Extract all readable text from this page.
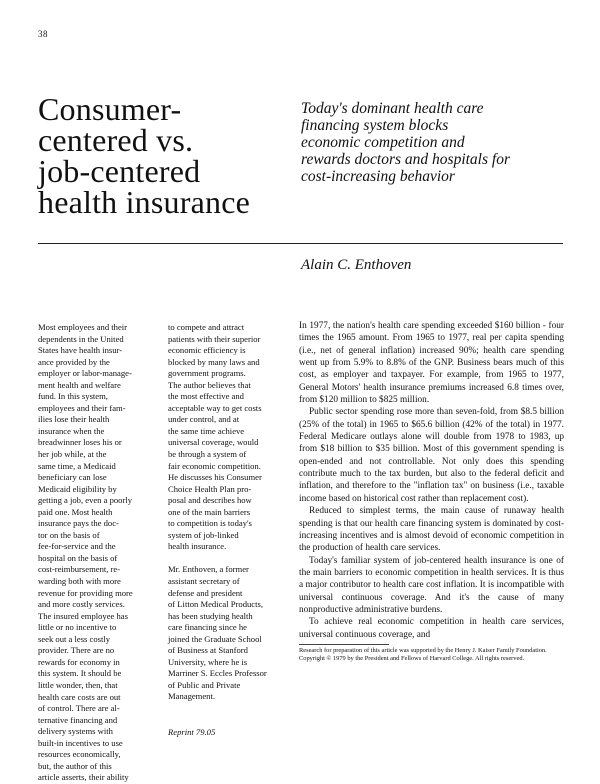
38
Consumer-
centered vs.
job-centered
health insurance
Today's dominant health care
financing system blocks
economic competition and
rewards doctors and hospitals for
cost-increasing behavior
Alain C. Enthoven
Most employees and their
dependents in the United
States have health insur-
ance provided by the
employer or labor-manage-
ment health and welfare
fund. In this system,
employees and their fam-
ilies lose their health
insurance when the
breadwinner loses his or
her job while, at the
same time, a Medicaid
beneficiary can lose
Medicaid eligibility by
getting a job, even a poorly
paid one. Most health
insurance pays the doc-
tor on the basis of
fee-for-service and the
hospital on the basis of
cost-reimbursement, re-
warding both with more
revenue for providing more
and more costly services.
The insured employee has
little or no incentive to
seek out a less costly
provider. There are no
rewards for economy in
this system. It should be
little wonder, then, that
health care costs are out
of control. There are al-
ternative financing and
delivery systems with
built-in incentives to use
resources economically,
but, the author of this
article asserts, their ability
to compete and attract
patients with their superior
economic efficiency is
blocked by many laws and
government programs.
The author believes that
the most effective and
acceptable way to get costs
under control, and at
the same time achieve
universal coverage, would
be through a system of
fair economic competition.
He discusses his Consumer
Choice Health Plan pro-
posal and describes how
one of the main barriers
to competition is today's
system of job-linked
health insurance.
Mr. Enthoven, a former
assistant secretary of
defense and president
of Litton Medical Products,
has been studying health
care financing since he
joined the Graduate School
of Business at Stanford
University, where he is
Marriner S. Eccles Professor
of Public and Private
Management.
Reprint 79.05

In 1977, the nation's health care spending exceeded $160 billion - four times the 1965 amount. From 1965 to 1977, real per capita spending (i.e., net of general inflation) increased 90%; health care spending went up from 5.9% to 8.8% of the GNP. Business bears much of this cost, as employer and taxpayer. For example, from 1965 to 1977, General Motors' health insurance premiums increased 6.8 times over, from $120 million to $825 million.

Public sector spending rose more than seven-fold, from $8.5 billion (25% of the total) in 1965 to $65.6 billion (42% of the total) in 1977. Federal Medicare outlays alone will double from 1978 to 1983, up from $18 billion to $35 billion. Most of this government spending is open-ended and not controllable. Not only does this spending contribute much to the tax burden, but also to the federal deficit and inflation, and therefore to the "inflation tax" on business (i.e., taxable income based on historical cost rather than replacement cost).

Reduced to simplest terms, the main cause of runaway health spending is that our health care financing system is dominated by cost-increasing incentives and is almost devoid of economic competition in the production of health care services.

Today's familiar system of job-centered health insurance is one of the main barriers to economic competition in health services. It is thus a major contributor to health care cost inflation. It is incompatible with universal continuous coverage. And it's the cause of many nonproductive administrative burdens.

To achieve real economic competition in health care services, universal continuous coverage, and

Research for preparation of this article was supported by the Henry J. Kaiser Family Foundation.

Copyright © 1979 by the President and Fellows of Harvard College. All rights reserved.
